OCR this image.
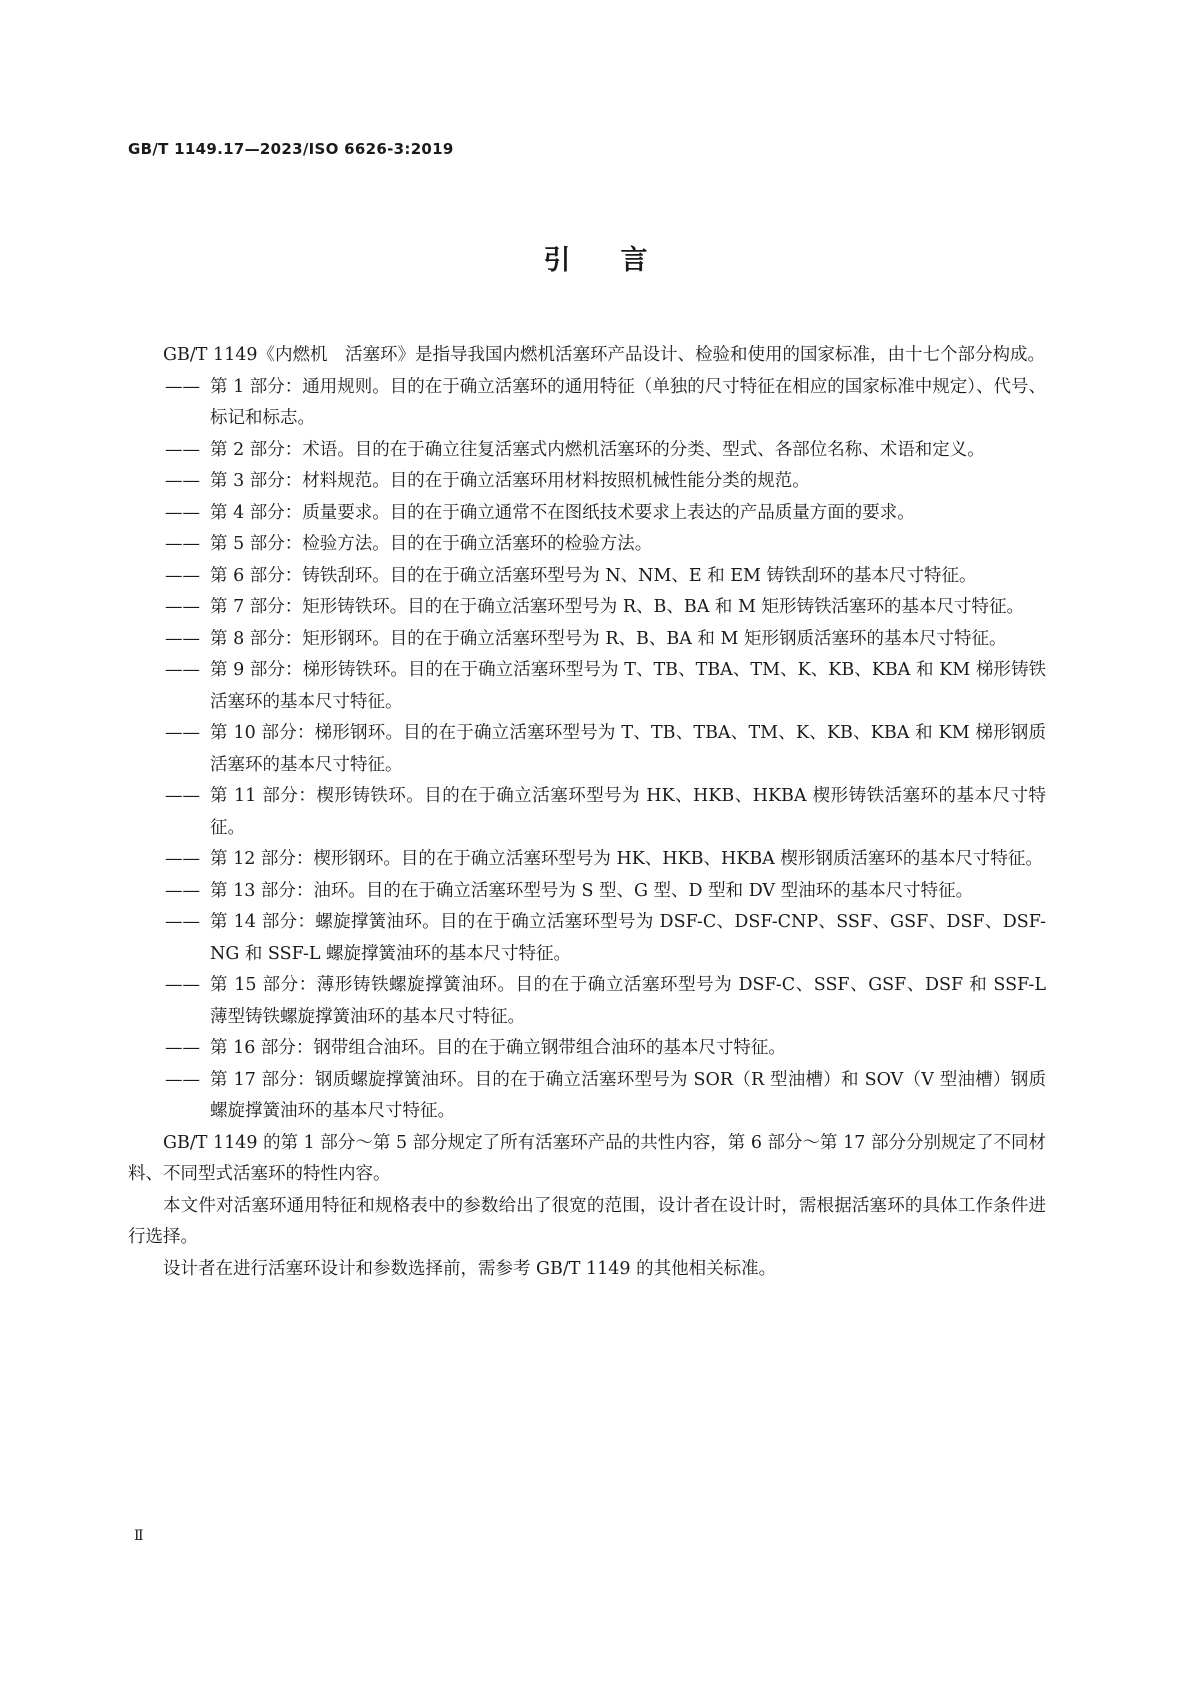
GB/T 1149.17—2023/ISO 6626-3:2019
引言

GB/T 1149《内燃机　活塞环》是指导我国内燃机活塞环产品设计、检验和使用的国家标准，由十七个部分构成。

—— 第 1 部分：通用规则。目的在于确立活塞环的通用特征（单独的尺寸特征在相应的国家标准中规定）、代号、标记和标志。
—— 第 2 部分：术语。目的在于确立往复活塞式内燃机活塞环的分类、型式、各部位名称、术语和定义。
—— 第 3 部分：材料规范。目的在于确立活塞环用材料按照机械性能分类的规范。
—— 第 4 部分：质量要求。目的在于确立通常不在图纸技术要求上表达的产品质量方面的要求。
—— 第 5 部分：检验方法。目的在于确立活塞环的检验方法。
—— 第 6 部分：铸铁刮环。目的在于确立活塞环型号为 N、NM、E 和 EM 铸铁刮环的基本尺寸特征。
—— 第 7 部分：矩形铸铁环。目的在于确立活塞环型号为 R、B、BA 和 M 矩形铸铁活塞环的基本尺寸特征。
—— 第 8 部分：矩形钢环。目的在于确立活塞环型号为 R、B、BA 和 M 矩形钢质活塞环的基本尺寸特征。
—— 第 9 部分：梯形铸铁环。目的在于确立活塞环型号为 T、TB、TBA、TM、K、KB、KBA 和 KM 梯形铸铁活塞环的基本尺寸特征。
—— 第 10 部分：梯形钢环。目的在于确立活塞环型号为 T、TB、TBA、TM、K、KB、KBA 和 KM 梯形钢质活塞环的基本尺寸特征。
—— 第 11 部分：楔形铸铁环。目的在于确立活塞环型号为 HK、HKB、HKBA 楔形铸铁活塞环的基本尺寸特征。
—— 第 12 部分：楔形钢环。目的在于确立活塞环型号为 HK、HKB、HKBA 楔形钢质活塞环的基本尺寸特征。
—— 第 13 部分：油环。目的在于确立活塞环型号为 S 型、G 型、D 型和 DV 型油环的基本尺寸特征。
—— 第 14 部分：螺旋撑簧油环。目的在于确立活塞环型号为 DSF-C、DSF-CNP、SSF、GSF、DSF、DSF-NG 和 SSF-L 螺旋撑簧油环的基本尺寸特征。
—— 第 15 部分：薄形铸铁螺旋撑簧油环。目的在于确立活塞环型号为 DSF-C、SSF、GSF、DSF 和 SSF-L 薄型铸铁螺旋撑簧油环的基本尺寸特征。
—— 第 16 部分：钢带组合油环。目的在于确立钢带组合油环的基本尺寸特征。
—— 第 17 部分：钢质螺旋撑簧油环。目的在于确立活塞环型号为 SOR（R 型油槽）和 SOV（V 型油槽）钢质螺旋撑簧油环的基本尺寸特征。

GB/T 1149 的第 1 部分～第 5 部分规定了所有活塞环产品的共性内容，第 6 部分～第 17 部分分别规定了不同材料、不同型式活塞环的特性内容。

本文件对活塞环通用特征和规格表中的参数给出了很宽的范围，设计者在设计时，需根据活塞环的具体工作条件进行选择。

设计者在进行活塞环设计和参数选择前，需参考 GB/T 1149 的其他相关标准。

Ⅱ
